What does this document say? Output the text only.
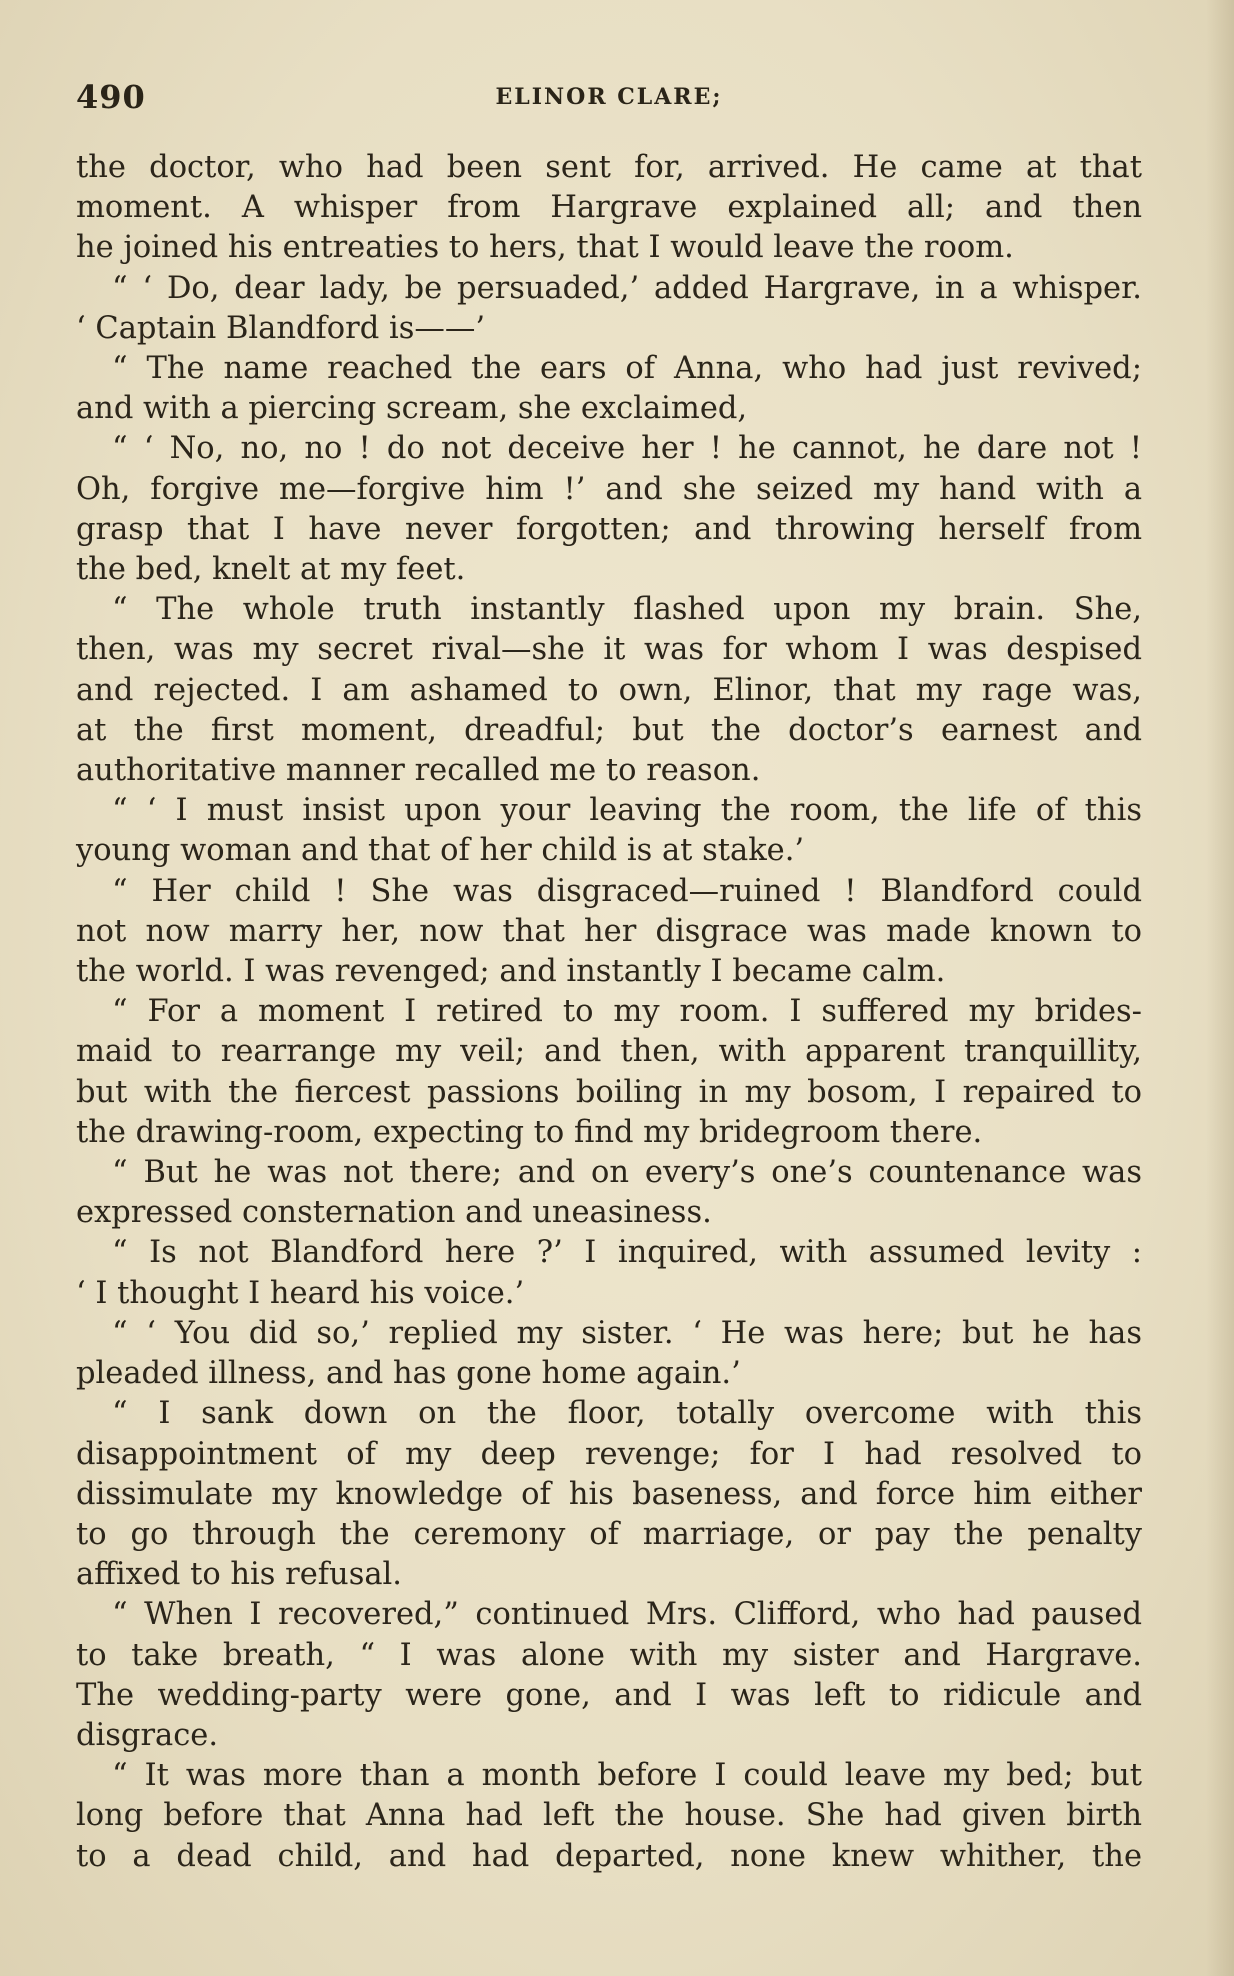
490	ELINOR CLARE;

the doctor, who had been sent for, arrived. He came at that

moment. A whisper from Hargrave explained all; and then

he joined his entreaties to hers, that I would leave the room.

“ ‘ Do, dear lady, be persuaded,’ added Hargrave, in a whisper.

‘ Captain Blandford is——’

“ The name reached the ears of Anna, who had just revived;

and with a piercing scream, she exclaimed,

“ ‘ No, no, no ! do not deceive her ! he cannot, he dare not !

Oh, forgive me—forgive him !’ and she seized my hand with a

grasp that I have never forgotten; and throwing herself from

the bed, knelt at my feet.

“ The whole truth instantly flashed upon my brain. She,

then, was my secret rival—she it was for whom I was despised

and rejected. I am ashamed to own, Elinor, that my rage was,

at the first moment, dreadful; but the doctor’s earnest and

authoritative manner recalled me to reason.

“ ‘ I must insist upon your leaving the room, the life of this

young woman and that of her child is at stake.’

“ Her child ! She was disgraced—ruined ! Blandford could

not now marry her, now that her disgrace was made known to

the world. I was revenged; and instantly I became calm.

“ For a moment I retired to my room. I suffered my brides-

maid to rearrange my veil; and then, with apparent tranquillity,

but with the fiercest passions boiling in my bosom, I repaired to

the drawing-room, expecting to find my bridegroom there.

“ But he was not there; and on every’s one’s countenance was

expressed consternation and uneasiness.

“ Is not Blandford here ?’ I inquired, with assumed levity :

‘ I thought I heard his voice.’

“ ‘ You did so,’ replied my sister. ‘ He was here; but he has

pleaded illness, and has gone home again.’

“ I sank down on the floor, totally overcome with this

disappointment of my deep revenge; for I had resolved to

dissimulate my knowledge of his baseness, and force him either

to go through the ceremony of marriage, or pay the penalty

affixed to his refusal.

“ When I recovered,” continued Mrs. Clifford, who had paused

to take breath, “ I was alone with my sister and Hargrave.

The wedding-party were gone, and I was left to ridicule and

disgrace.

“ It was more than a month before I could leave my bed; but

long before that Anna had left the house. She had given birth

to a dead child, and had departed, none knew whither, the
